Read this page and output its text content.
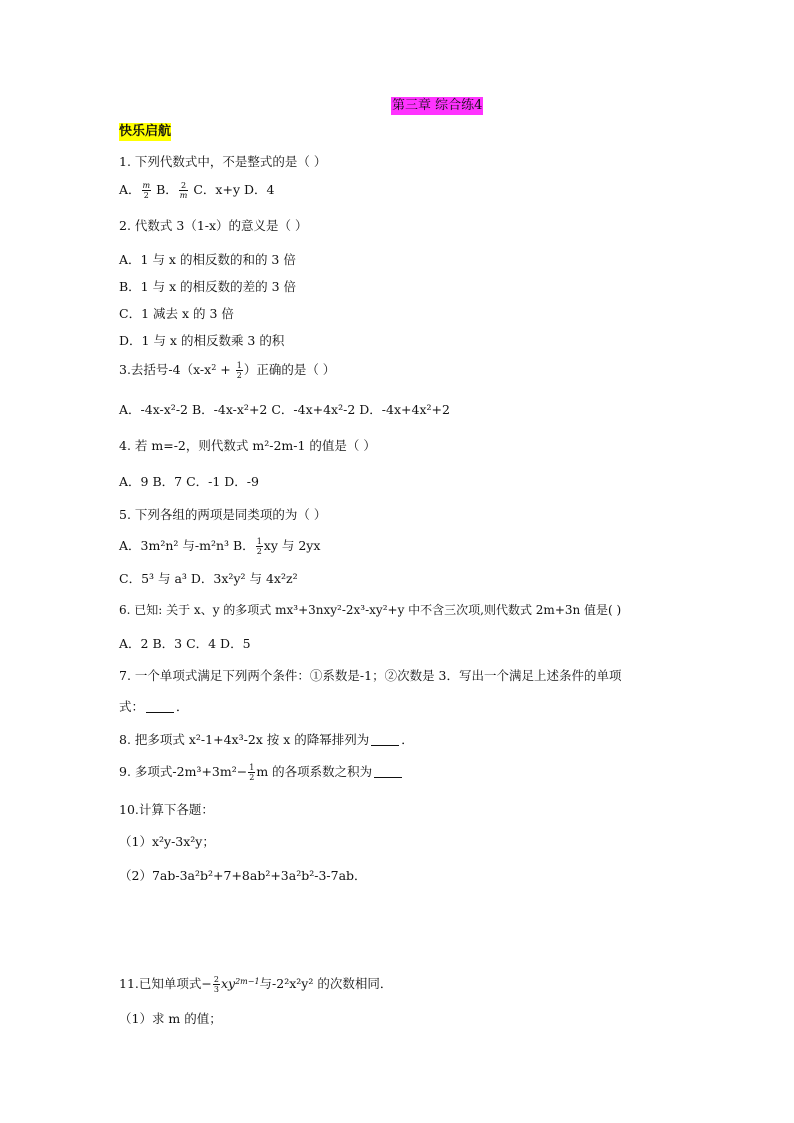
第三章 综合练4
快乐启航
1. 下列代数式中，不是整式的是（ ）
A． $\frac{m}{2}$ B． $\frac{2}{m}$ C．x+y D．4
2. 代数式 3（1-x）的意义是（ ）
A．1 与 x 的相反数的和的 3 倍
B．1 与 x 的相反数的差的 3 倍
C．1 减去 x 的 3 倍
D．1 与 x 的相反数乘 3 的积
3.去括号$-4(x-x^2 + \frac{1}{2}$ ）正确的是（ ）
A．-4x-x²-2 B．-4x-x²+2 C．-4x+4x²-2 D．-4x+4x²+2
4. 若 m=-2，则代数式 m²-2m-1 的值是（ ）
A．9 B．7 C．-1 D．-9
5. 下列各组的两项是同类项的为（ ）
A．3m²n² 与-m²n³ B． $\frac{1}{2}$ xy 与 2yx
C．5³ 与 a³ D．3x²y² 与 4x²z²
6. 已知: 关于 x、y 的多项式 mx³+3nxy²-2x³-xy²+y 中不含三次项,则代数式 2m+3n 值是( )
A．2 B．3 C．4 D．5
7. 一个单项式满足下列两个条件：①系数是-1；②次数是 3．写出一个满足上述条件的单项
式：	．
8. 把多项式 x²-1+4x³-2x 按 x 的降幂排列为	．
9. 多项式$-2m^3+3m^2- \frac{1}{2}$ m 的各项系数之积为
10.计算下各题：
（1）x²y-3x²y；
（2）7ab-3a²b²+7+8ab²+3a²b²-3-7ab．
11.已知单项式− $\frac{2}{3} xy^{2m-1}$与-2²x²y² 的次数相同．
（1）求 m 的值；
